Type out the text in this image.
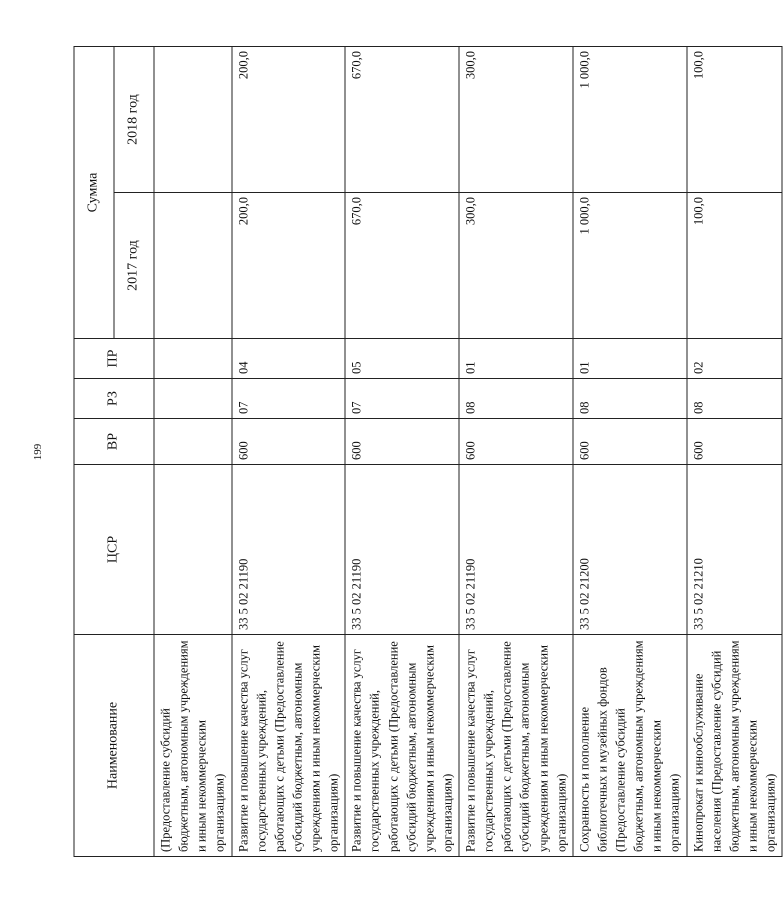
199
Наименование	ЦСР	ВР	РЗ	ПР	Сумма	
					2017 год	2018 год
(Предоставление субсидий бюджетным, автономным учреждениям и иным некоммерческим организациям)						
Развитие и повышение качества услуг государственных учреждений, работающих с детьми (Предоставление субсидий бюджетным, автономным учреждениям и иным некоммерческим организациям)	33 5 02 21190	600	07	04	200,0	200,0
Развитие и повышение качества услуг государственных учреждений, работающих с детьми (Предоставление субсидий бюджетным, автономным учреждениям и иным некоммерческим организациям)	33 5 02 21190	600	07	05	670,0	670,0
Развитие и повышение качества услуг государственных учреждений, работающих с детьми (Предоставление субсидий бюджетным, автономным учреждениям и иным некоммерческим организациям)	33 5 02 21190	600	08	01	300,0	300,0
Сохранность и пополнение библиотечных и музейных фондов (Предоставление субсидий бюджетным, автономным учреждениям и иным некоммерческим организациям)	33 5 02 21200	600	08	01	1 000,0	1 000,0
Кинопрокат и кинообслуживание населения (Предоставление субсидий бюджетным, автономным учреждениям и иным некоммерческим организациям)	33 5 02 21210	600	08	02	100,0	100,0
